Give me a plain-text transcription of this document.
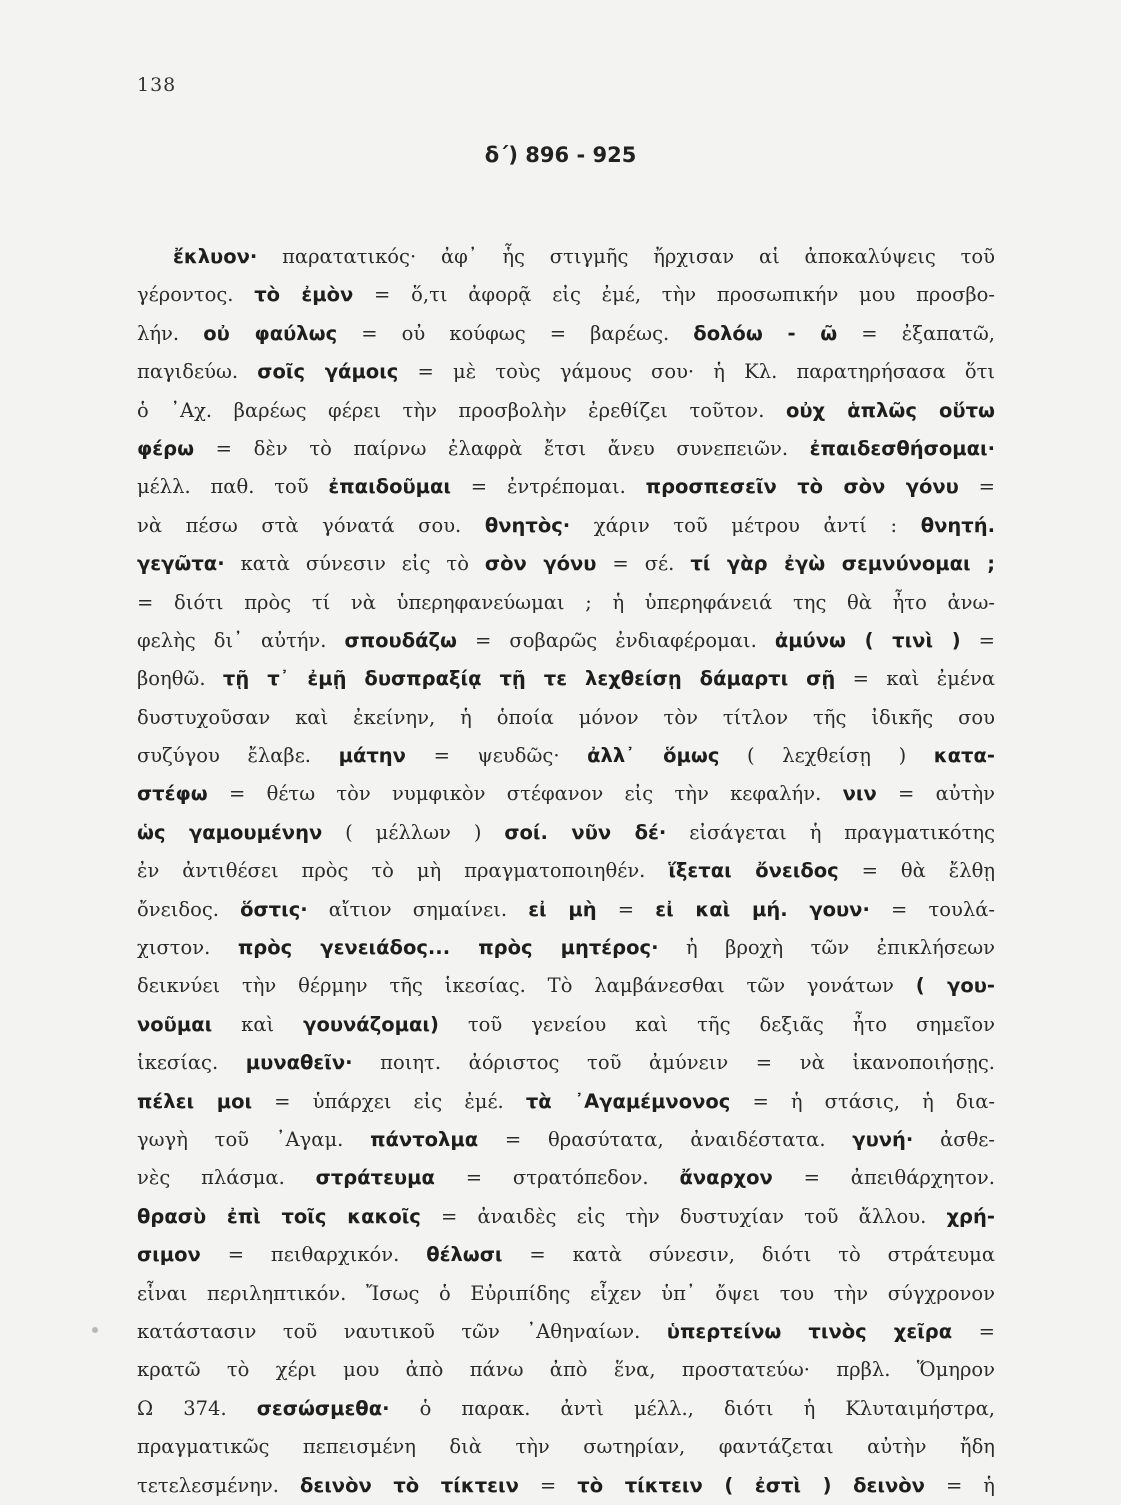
138
δ΄) 896 - 925
ἔκλυον· παρατατικός· ἀφ᾽ ἧς στιγμῆς ἤρχισαν αἱ ἀποκαλύψεις τοῦ
γέροντος. τὸ ἐμὸν = ὅ,τι ἀφορᾷ εἰς ἐμέ, τὴν προσωπικήν μου προσβο-
λήν. οὐ φαύλως = οὐ κούφως = βαρέως. δολόω - ῶ = ἐξαπατῶ,
παγιδεύω. σοῖς γάμοις = μὲ τοὺς γάμους σου· ἡ Κλ. παρατηρήσασα ὅτι
ὁ ᾽Αχ. βαρέως φέρει τὴν προσβολὴν ἐρεθίζει τοῦτον. οὐχ ἁπλῶς οὕτω
φέρω = δὲν τὸ παίρνω ἐλαφρὰ ἔτσι ἄνευ συνεπειῶν. ἐπαιδεσθήσομαι·
μέλλ. παθ. τοῦ ἐπαιδοῦμαι = ἐντρέπομαι. προσπεσεῖν τὸ σὸν γόνυ =
νὰ πέσω στὰ γόνατά σου. θνητὸς· χάριν τοῦ μέτρου ἀντί : θνητή.
γεγῶτα· κατὰ σύνεσιν εἰς τὸ σὸν γόνυ = σέ. τί γὰρ ἐγὼ σεμνύνομαι ;
= διότι πρὸς τί νὰ ὑπερηφανεύωμαι ; ἡ ὑπερηφάνειά της θὰ ἦτο ἀνω-
φελὴς δι᾽ αὐτήν. σπουδάζω = σοβαρῶς ἐνδιαφέρομαι. ἀμύνω ( τινὶ ) =
βοηθῶ. τῇ τ᾽ ἐμῇ δυσπραξίᾳ τῇ τε λεχθείσῃ δάμαρτι σῇ = καὶ ἐμένα
δυστυχοῦσαν καὶ ἐκείνην, ἡ ὁποία μόνον τὸν τίτλον τῆς ἰδικῆς σου
συζύγου ἔλαβε. μάτην = ψευδῶς· ἀλλ᾽ ὅμως ( λεχθείσῃ ) κατα-
στέφω = θέτω τὸν νυμφικὸν στέφανον εἰς τὴν κεφαλήν. νιν = αὐτὴν
ὡς γαμουμένην ( μέλλων ) σοί. νῦν δέ· εἰσάγεται ἡ πραγματικότης
ἐν ἀντιθέσει πρὸς τὸ μὴ πραγματοποιηθέν. ἵξεται ὄνειδος = θὰ ἔλθῃ
ὄνειδος. ὅστις· αἴτιον σημαίνει. εἰ μὴ = εἰ καὶ μή. γουν· = τουλά-
χιστον. πρὸς γενειάδος... πρὸς μητέρος· ἡ βροχὴ τῶν ἐπικλήσεων
δεικνύει τὴν θέρμην τῆς ἱκεσίας. Τὸ λαμβάνεσθαι τῶν γονάτων ( γου-
νοῦμαι καὶ γουνάζομαι) τοῦ γενείου καὶ τῆς δεξιᾶς ἦτο σημεῖον
ἱκεσίας. μυναθεῖν· ποιητ. ἀόριστος τοῦ ἀμύνειν = νὰ ἱκανοποιήσῃς.
πέλει μοι = ὑπάρχει εἰς ἐμέ. τὰ ᾽Αγαμέμνονος = ἡ στάσις, ἡ δια-
γωγὴ τοῦ ᾽Αγαμ. πάντολμα = θρασύτατα, ἀναιδέστατα. γυνή· ἀσθε-
νὲς πλάσμα. στράτευμα = στρατόπεδον. ἄναρχον = ἀπειθάρχητον.
θρασὺ ἐπὶ τοῖς κακοῖς = ἀναιδὲς εἰς τὴν δυστυχίαν τοῦ ἄλλου. χρή-
σιμον = πειθαρχικόν. θέλωσι = κατὰ σύνεσιν, διότι τὸ στράτευμα
εἶναι περιληπτικόν. Ἴσως ὁ Εὐριπίδης εἶχεν ὑπ᾽ ὄψει του τὴν σύγχρονον
κατάστασιν τοῦ ναυτικοῦ τῶν ᾽Αθηναίων. ὑπερτείνω τινὸς χεῖρα =
κρατῶ τὸ χέρι μου ἀπὸ πάνω ἀπὸ ἕνα, προστατεύω· πρβλ. Ὅμηρον
Ω 374. σεσώσμεθα· ὁ παρακ. ἀντὶ μέλλ., διότι ἡ Κλυταιμήστρα,
πραγματικῶς πεπεισμένη διὰ τὴν σωτηρίαν, φαντάζεται αὐτὴν ἤδη
τετελεσμένην. δεινὸν τὸ τίκτειν = τὸ τίκτειν ( ἐστὶ ) δεινὸν = ἡ
